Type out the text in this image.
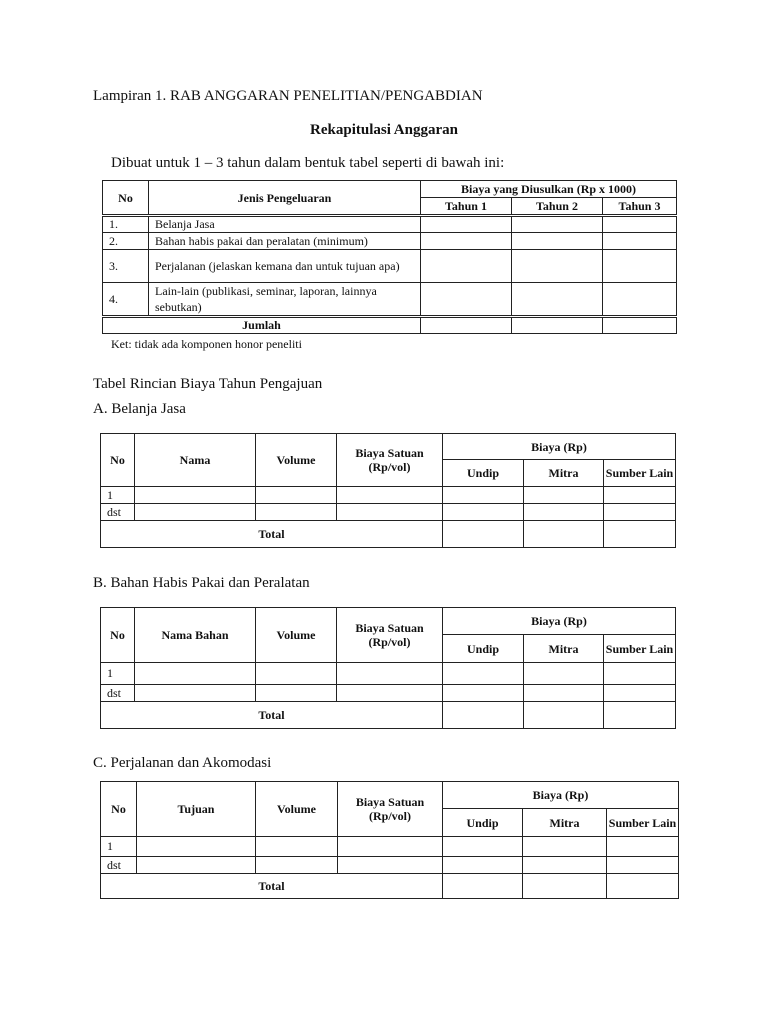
Lampiran 1. RAB ANGGARAN PENELITIAN/PENGABDIAN
Rekapitulasi Anggaran
Dibuat untuk 1 – 3 tahun dalam bentuk tabel seperti di bawah ini:
No	Jenis Pengeluaran	Biaya yang Diusulkan (Rp x 1000)		
		Tahun 1	Tahun 2	Tahun 3
1.	Belanja Jasa			
2.	Bahan habis pakai dan peralatan (minimum)			
3.	Perjalanan (jelaskan kemana dan untuk tujuan apa)			
4.	Lain-lain (publikasi, seminar, laporan, lainnya sebutkan)			
Jumlah				
Ket: tidak ada komponen honor peneliti
Tabel Rincian Biaya Tahun Pengajuan
A. Belanja Jasa
No	Nama	Volume	Biaya Satuan (Rp/vol)	Biaya (Rp)		
				Undip	Mitra	Sumber Lain
1						
dst						
Total						
B. Bahan Habis Pakai dan Peralatan
No	Nama Bahan	Volume	Biaya Satuan (Rp/vol)	Biaya (Rp)		
				Undip	Mitra	Sumber Lain
1						
dst						
Total						
C. Perjalanan dan Akomodasi
No	Tujuan	Volume	Biaya Satuan (Rp/vol)	Biaya (Rp)		
				Undip	Mitra	Sumber Lain
1						
dst						
Total						
